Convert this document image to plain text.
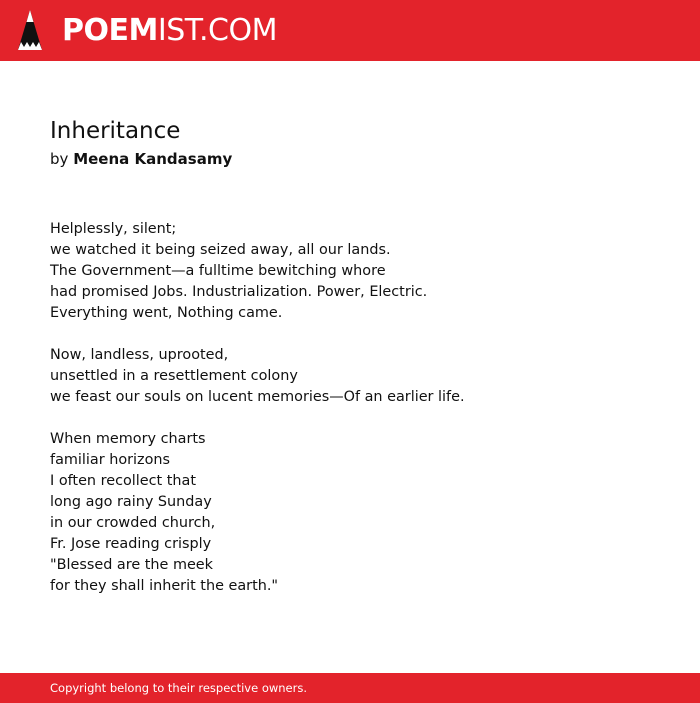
POEMIST.COM
Inheritance
by Meena Kandasamy
Helplessly, silent;
we watched it being seized away, all our lands.
The Government—a fulltime bewitching whore
had promised Jobs. Industrialization. Power, Electric.
Everything went, Nothing came.
Now, landless, uprooted,
unsettled in a resettlement colony
we feast our souls on lucent memories—Of an earlier life.
When memory charts
familiar horizons
I often recollect that
long ago rainy Sunday
in our crowded church,
Fr. Jose reading crisply
"Blessed are the meek
for they shall inherit the earth."
Copyright belong to their respective owners.
